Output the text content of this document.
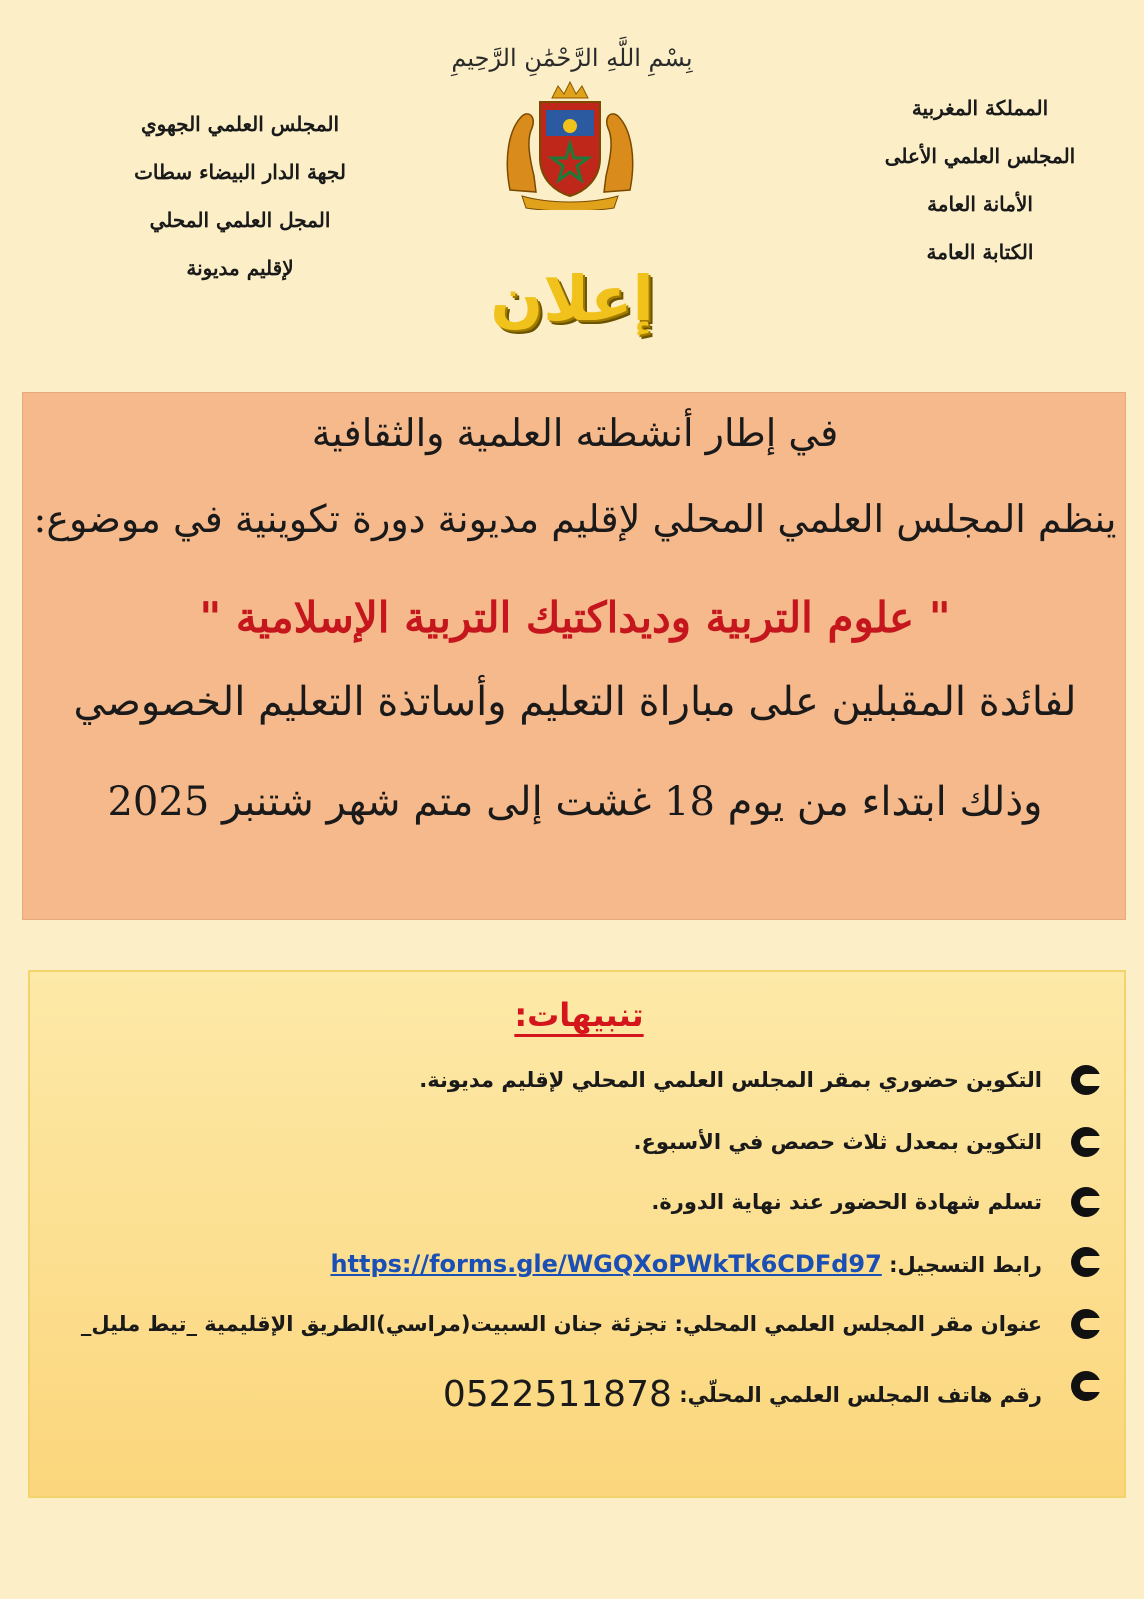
بِسْمِ اللَّهِ الرَّحْمَٰنِ الرَّحِيمِ
المملكة المغربية
المجلس العلمي الأعلى
الأمانة العامة
الكتابة العامة
المجلس العلمي الجهوي
لجهة الدار البيضاء سطات
المجل العلمي المحلي
لإقليم مديونة	إعلان
في إطار أنشطته العلمية والثقافية
ينظم المجلس العلمي المحلي لإقليم مديونة دورة تكوينية في موضوع:
" علوم التربية وديداكتيك التربية الإسلامية "
لفائدة المقبلين على مباراة التعليم وأساتذة التعليم الخصوصي
وذلك ابتداء من يوم 18 غشت إلى متم شهر شتنبر 2025
تنبيهات:
التكوين حضوري بمقر المجلس العلمي المحلي لإقليم مديونة.
التكوين بمعدل ثلاث حصص في الأسبوع.
تسلم شهادة الحضور عند نهاية الدورة.
رابط التسجيل: https://forms.gle/WGQXoPWkTk6CDFd97
عنوان مقر المجلس العلمي المحلي: تجزئة جنان السبيت(مراسي)الطريق الإقليمية _تيط مليل_
رقم هاتف المجلس العلمي المحلّي: 0522511878
